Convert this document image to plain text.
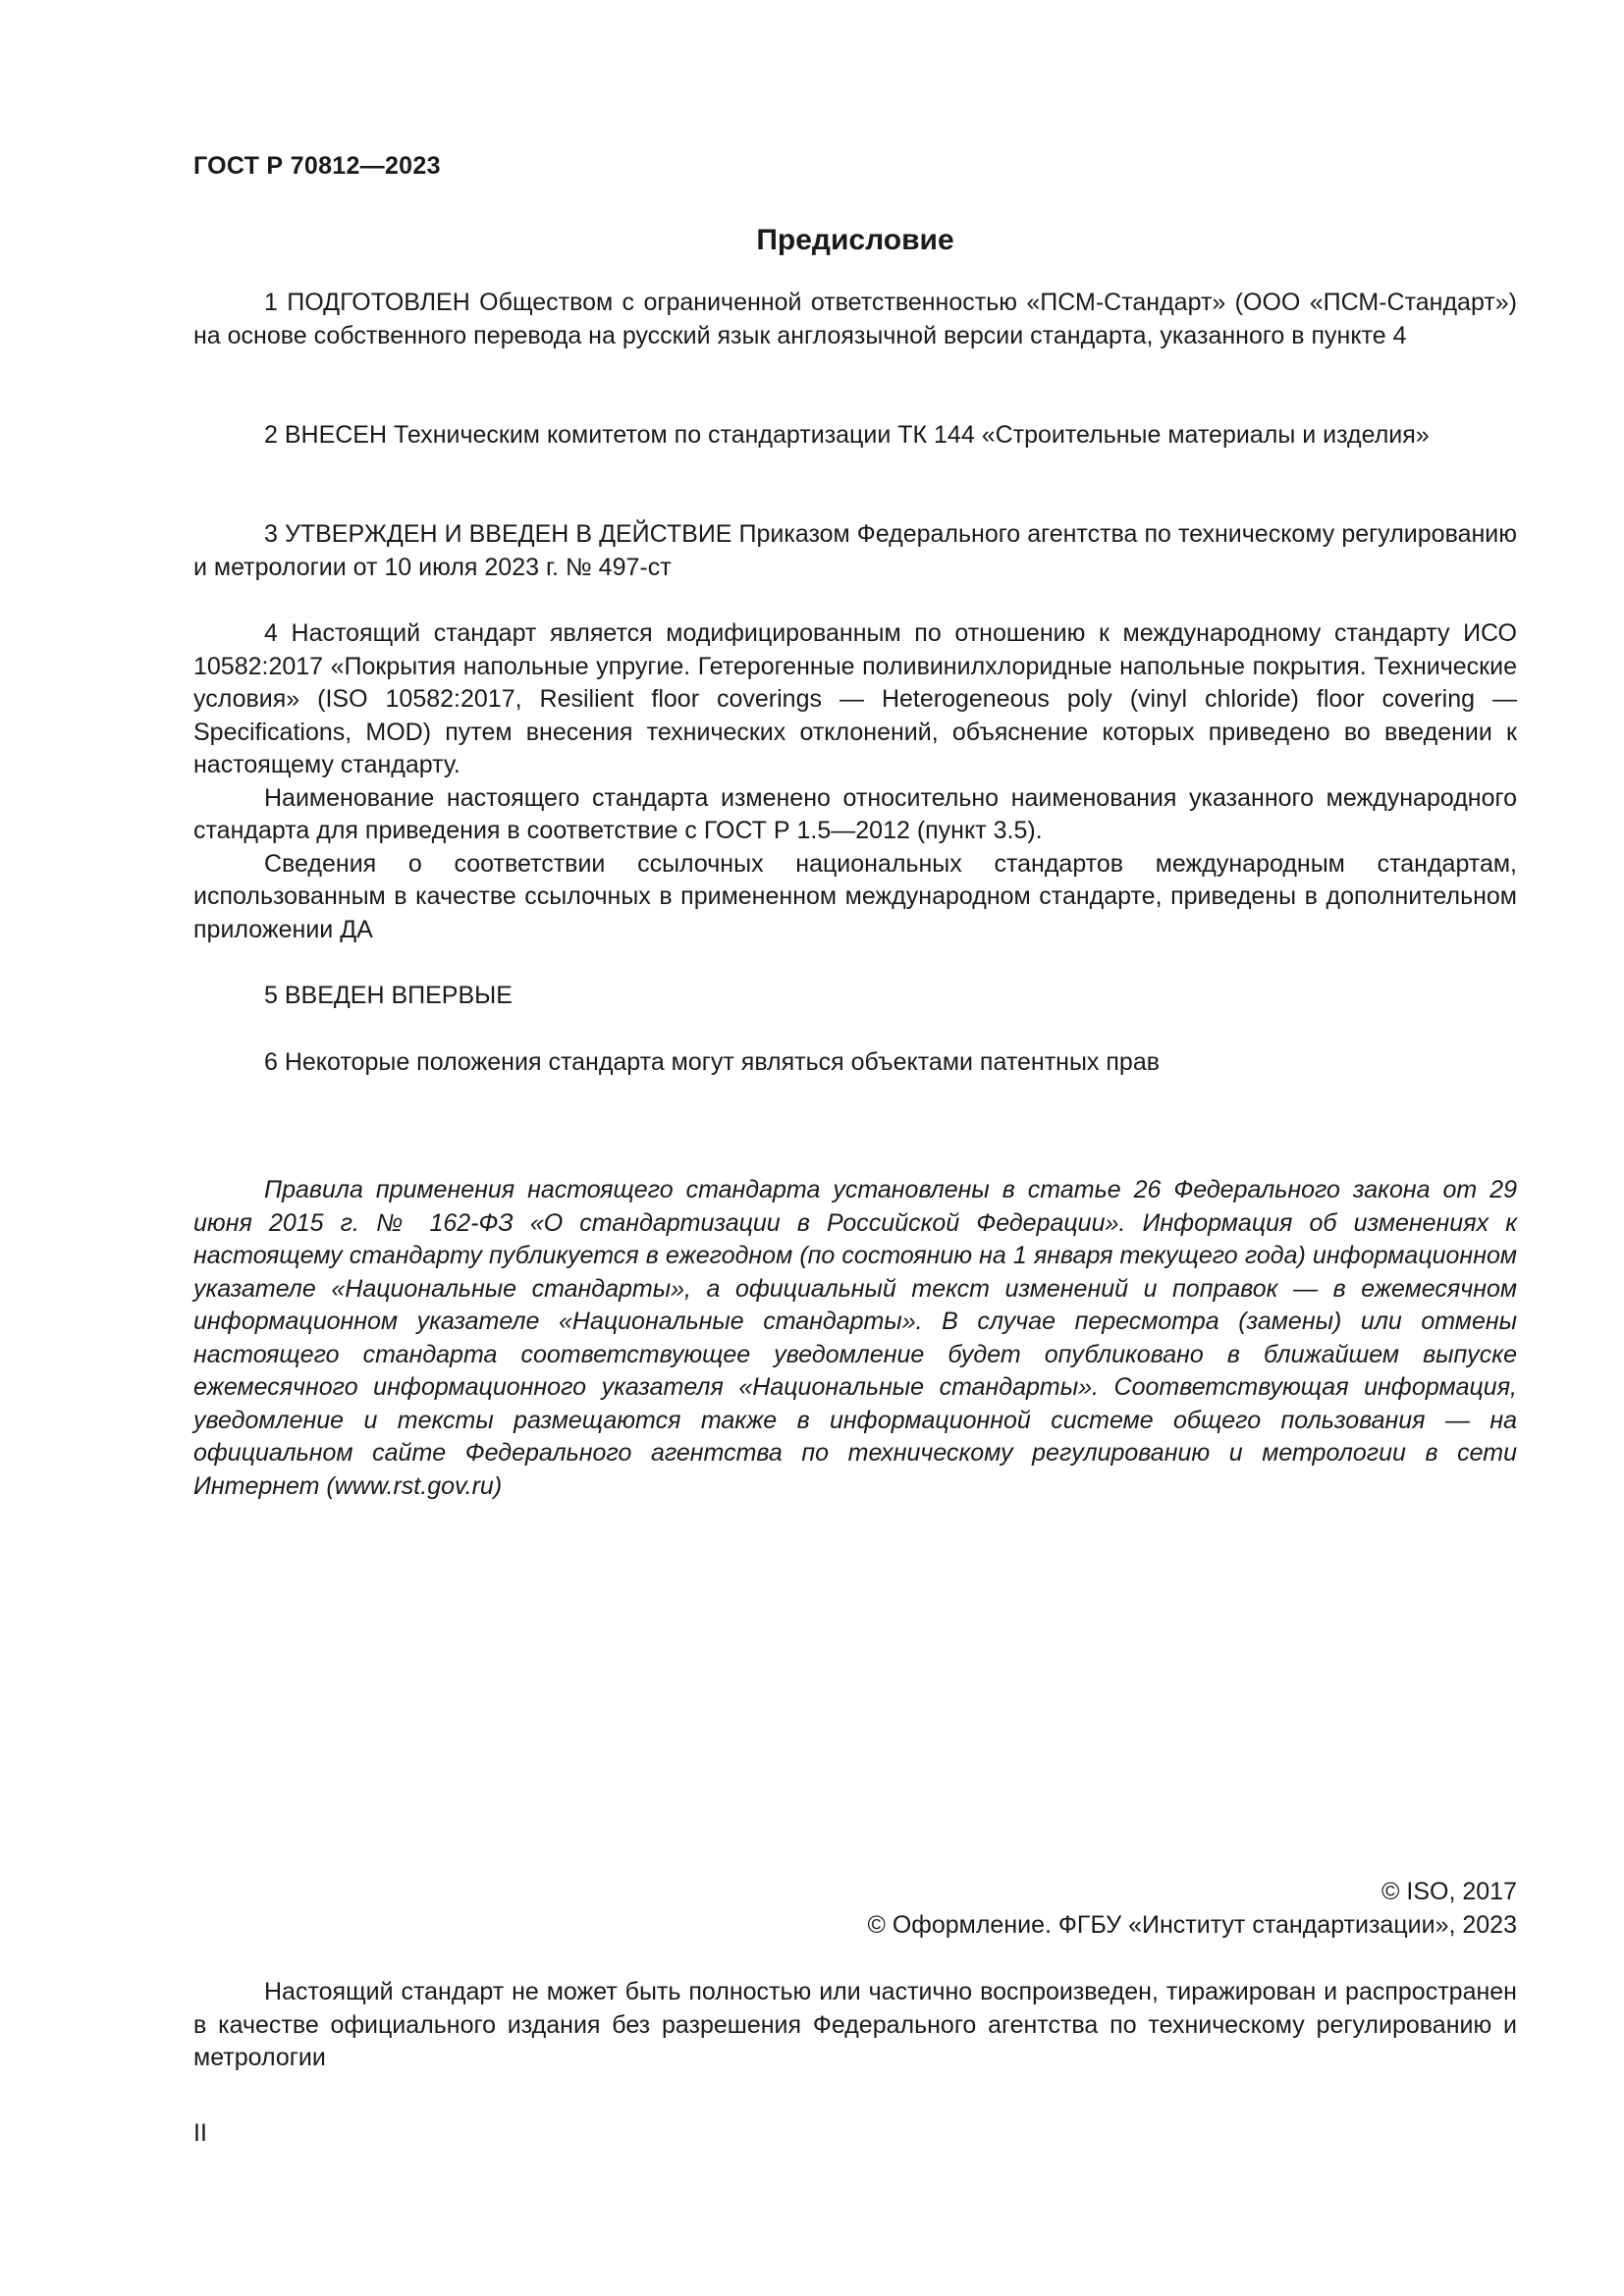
ГОСТ Р 70812—2023
Предисловие

1 ПОДГОТОВЛЕН Обществом с ограниченной ответственностью «ПСМ-Стандарт» (ООО «ПСМ-Стандарт») на основе собственного перевода на русский язык англоязычной версии стандарта, указанного в пункте 4

2 ВНЕСЕН Техническим комитетом по стандартизации ТК 144 «Строительные материалы и изделия»

3 УТВЕРЖДЕН И ВВЕДЕН В ДЕЙСТВИЕ Приказом Федерального агентства по техническому регулированию и метрологии от 10 июля 2023 г. № 497-ст

4 Настоящий стандарт является модифицированным по отношению к международному стандарту ИСО 10582:2017 «Покрытия напольные упругие. Гетерогенные поливинилхлоридные напольные покрытия. Технические условия» (ISO 10582:2017, Resilient floor coverings — Heterogeneous poly (vinyl chloride) floor covering — Specifications, MOD) путем внесения технических отклонений, объяснение которых приведено во введении к настоящему стандарту.

Наименование настоящего стандарта изменено относительно наименования указанного международного стандарта для приведения в соответствие с ГОСТ Р 1.5—2012 (пункт 3.5).

Сведения о соответствии ссылочных национальных стандартов международным стандартам, использованным в качестве ссылочных в примененном международном стандарте, приведены в дополнительном приложении ДА

5 ВВЕДЕН ВПЕРВЫЕ

6 Некоторые положения стандарта могут являться объектами патентных прав

Правила применения настоящего стандарта установлены в статье 26 Федерального закона от 29 июня 2015 г. № 162-ФЗ «О стандартизации в Российской Федерации». Информация об изменениях к настоящему стандарту публикуется в ежегодном (по состоянию на 1 января текущего года) информационном указателе «Национальные стандарты», а официальный текст изменений и поправок — в ежемесячном информационном указателе «Национальные стандарты». В случае пересмотра (замены) или отмены настоящего стандарта соответствующее уведомление будет опубликовано в ближайшем выпуске ежемесячного информационного указателя «Национальные стандарты». Соответствующая информация, уведомление и тексты размещаются также в информационной системе общего пользования — на официальном сайте Федерального агентства по техническому регулированию и метрологии в сети Интернет (www.rst.gov.ru)

© ISO, 2017
© Оформление. ФГБУ «Институт стандартизации», 2023

Настоящий стандарт не может быть полностью или частично воспроизведен, тиражирован и распространен в качестве официального издания без разрешения Федерального агентства по техническому регулированию и метрологии

II
